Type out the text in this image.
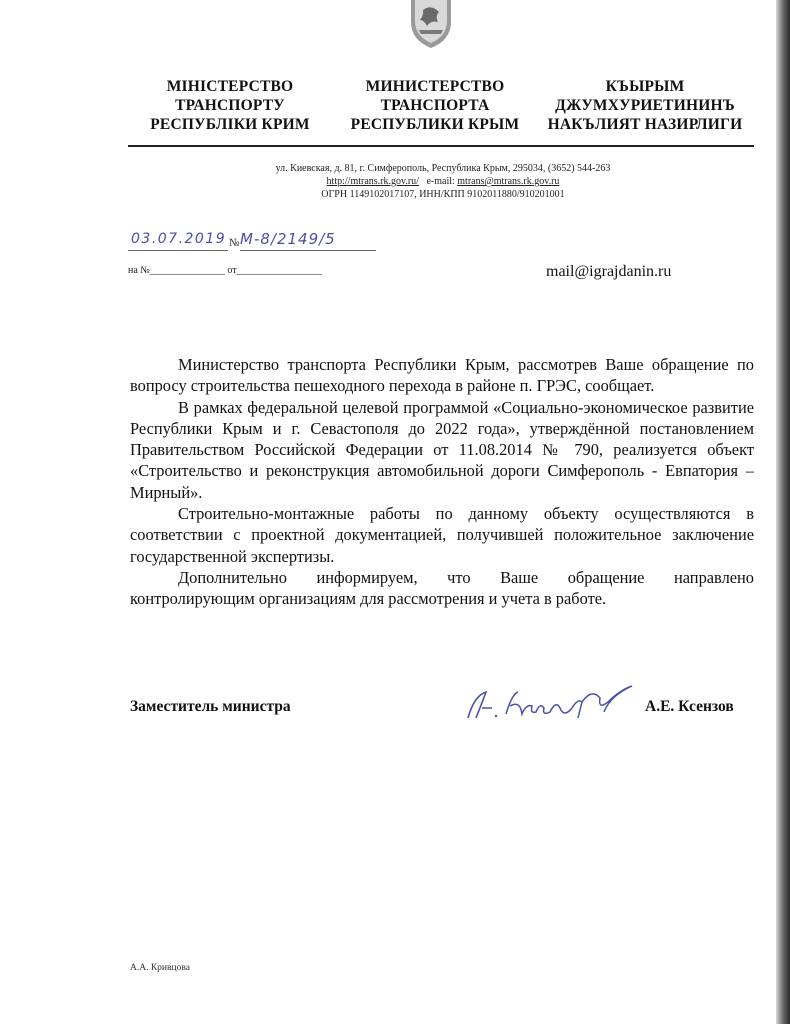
МІНІСТЕРСТВО
ТРАНСПОРТУ
РЕСПУБЛІКИ КРИМ
МИНИСТЕРСТВО
ТРАНСПОРТА
РЕСПУБЛИКИ КРЫМ
КЪЫРЫМ
ДЖУМХУРИЕТИНИНЪ
НАКЪЛИЯТ НАЗИРЛИГИ
ул. Киевская, д. 81, г. Симферополь, Республика Крым, 295034, (3652) 544-263
http://mtrans.rk.gov.ru/ e-mail: mtrans@mtrans.rk.gov.ru
ОГРН 1149102017107, ИНН/КПП 9102011880/910201001
03.07.2019 № М-8/2149/5
на №_______________ от_________________	mail@igrajdanin.ru

Министерство транспорта Республики Крым, рассмотрев Ваше обращение по вопросу строительства пешеходного перехода в районе п. ГРЭС, сообщает.

В рамках федеральной целевой программой «Социально-экономическое развитие Республики Крым и г. Севастополя до 2022 года», утверждённой постановлением Правительством Российской Федерации от 11.08.2014 № 790, реализуется объект «Строительство и реконструкция автомобильной дороги Симферополь - Евпатория – Мирный».

Строительно-монтажные работы по данному объекту осуществляются в соответствии с проектной документацией, получившей положительное заключение государственной экспертизы.

Дополнительно информируем, что Ваше обращение направлено контролирующим организациям для рассмотрения и учета в работе.

Заместитель министра	А.Е. Ксензов
А.А. Кривцова
